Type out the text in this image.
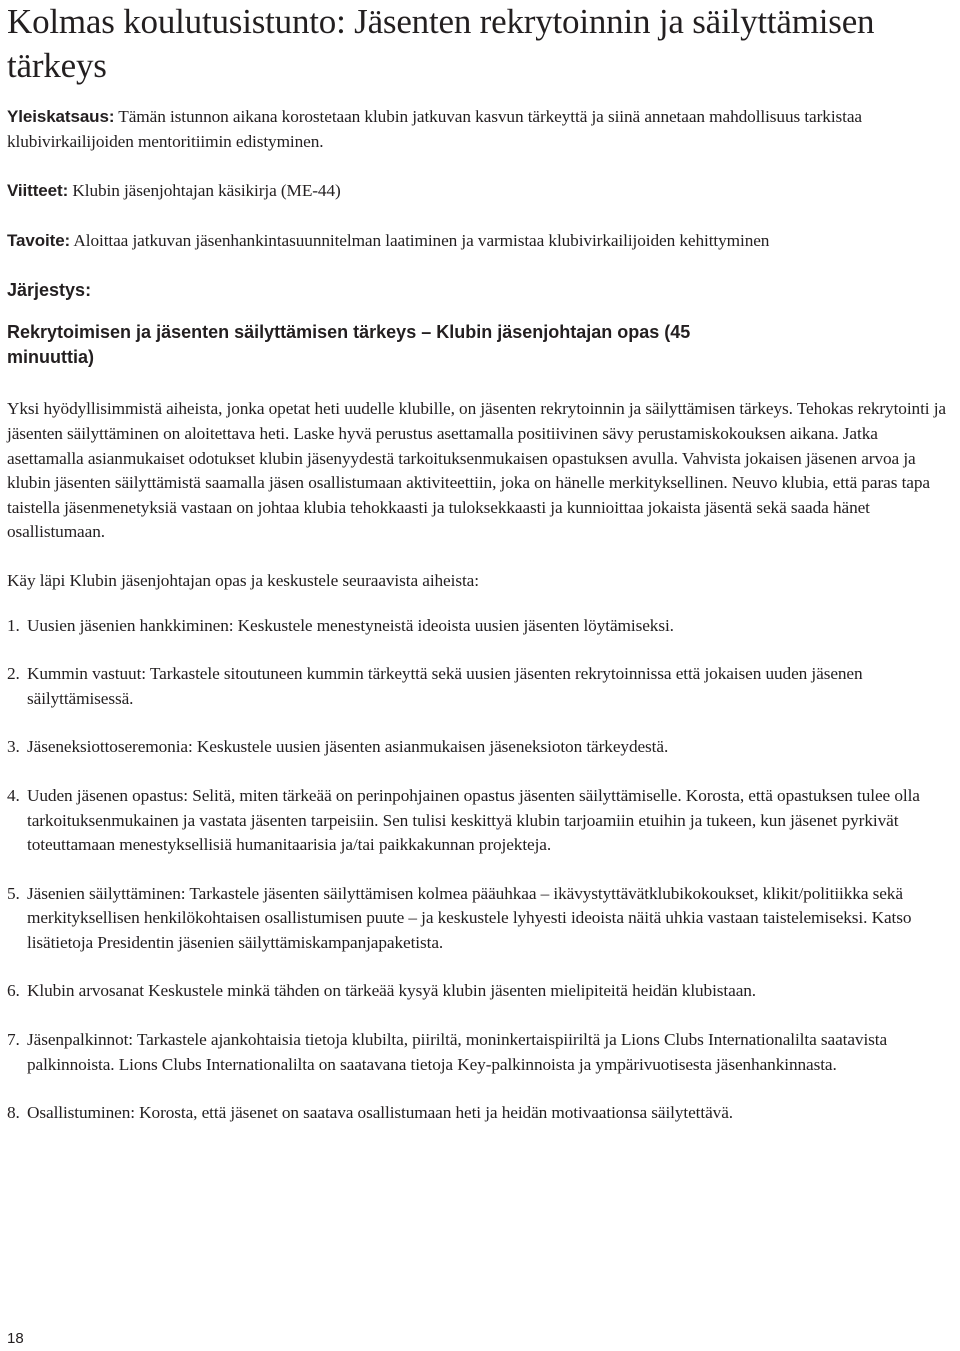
Kolmas koulutusistunto: Jäsenten rekrytoinnin ja säilyttämisen tärkeys

Yleiskatsaus: Tämän istunnon aikana korostetaan klubin jatkuvan kasvun tärkeyttä ja siinä annetaan mahdollisuus tarkistaa klubivirkailijoiden mentoritiimin edistyminen.

Viitteet: Klubin jäsenjohtajan käsikirja (ME-44)

Tavoite: Aloittaa jatkuvan jäsenhankintasuunnitelman laatiminen ja varmistaa klubivirkailijoiden kehittyminen

Järjestys:
Rekrytoimisen ja jäsenten säilyttämisen tärkeys – Klubin jäsenjohtajan opas (45 minuuttia)

Yksi hyödyllisimmistä aiheista, jonka opetat heti uudelle klubille, on jäsenten rekrytoinnin ja säilyttämisen tärkeys. Tehokas rekrytointi ja jäsenten säilyttäminen on aloitettava heti. Laske hyvä perustus asettamalla positiivinen sävy perustamiskokouksen aikana. Jatka asettamalla asianmukaiset odotukset klubin jäsenyydestä tarkoituksenmukaisen opastuksen avulla. Vahvista jokaisen jäsenen arvoa ja klubin jäsenten säilyttämistä saamalla jäsen osallistumaan aktiviteettiin, joka on hänelle merkityksellinen. Neuvo klubia, että paras tapa taistella jäsenmenetyksiä vastaan on johtaa klubia tehokkaasti ja tuloksekkaasti ja kunnioittaa jokaista jäsentä sekä saada hänet osallistumaan.

Käy läpi Klubin jäsenjohtajan opas ja keskustele seuraavista aiheista:

1. Uusien jäsenien hankkiminen: Keskustele menestyneistä ideoista uusien jäsenten löytämiseksi.
2. Kummin vastuut: Tarkastele sitoutuneen kummin tärkeyttä sekä uusien jäsenten rekrytoinnissa että jokaisen uuden jäsenen säilyttämisessä.
3. Jäseneksiottoseremonia: Keskustele uusien jäsenten asianmukaisen jäseneksioton tärkeydestä.
4. Uuden jäsenen opastus: Selitä, miten tärkeää on perinpohjainen opastus jäsenten säilyttämiselle. Korosta, että opastuksen tulee olla tarkoituksenmukainen ja vastata jäsenten tarpeisiin. Sen tulisi keskittyä klubin tarjoamiin etuihin ja tukeen, kun jäsenet pyrkivät toteuttamaan menestyksellisiä humanitaarisia ja/tai paikkakunnan projekteja.
5. Jäsenien säilyttäminen: Tarkastele jäsenten säilyttämisen kolmea pääuhkaa – ikävystyttävätklubikokoukset, klikit/politiikka sekä merkityksellisen henkilökohtaisen osallistumisen puute – ja keskustele lyhyesti ideoista näitä uhkia vastaan taistelemiseksi. Katso lisätietoja Presidentin jäsenien säilyttämiskampanjapaketista.
6. Klubin arvosanat Keskustele minkä tähden on tärkeää kysyä klubin jäsenten mielipiteitä heidän klubistaan.
7. Jäsenpalkinnot: Tarkastele ajankohtaisia tietoja klubilta, piiriltä, moninkertaispiiriltä ja Lions Clubs Internationalilta saatavista palkinnoista. Lions Clubs Internationalilta on saatavana tietoja Key-palkinnoista ja ympärivuotisesta jäsenhankinnasta.
8. Osallistuminen: Korosta, että jäsenet on saatava osallistumaan heti ja heidän motivaationsa säilytettävä.
18
